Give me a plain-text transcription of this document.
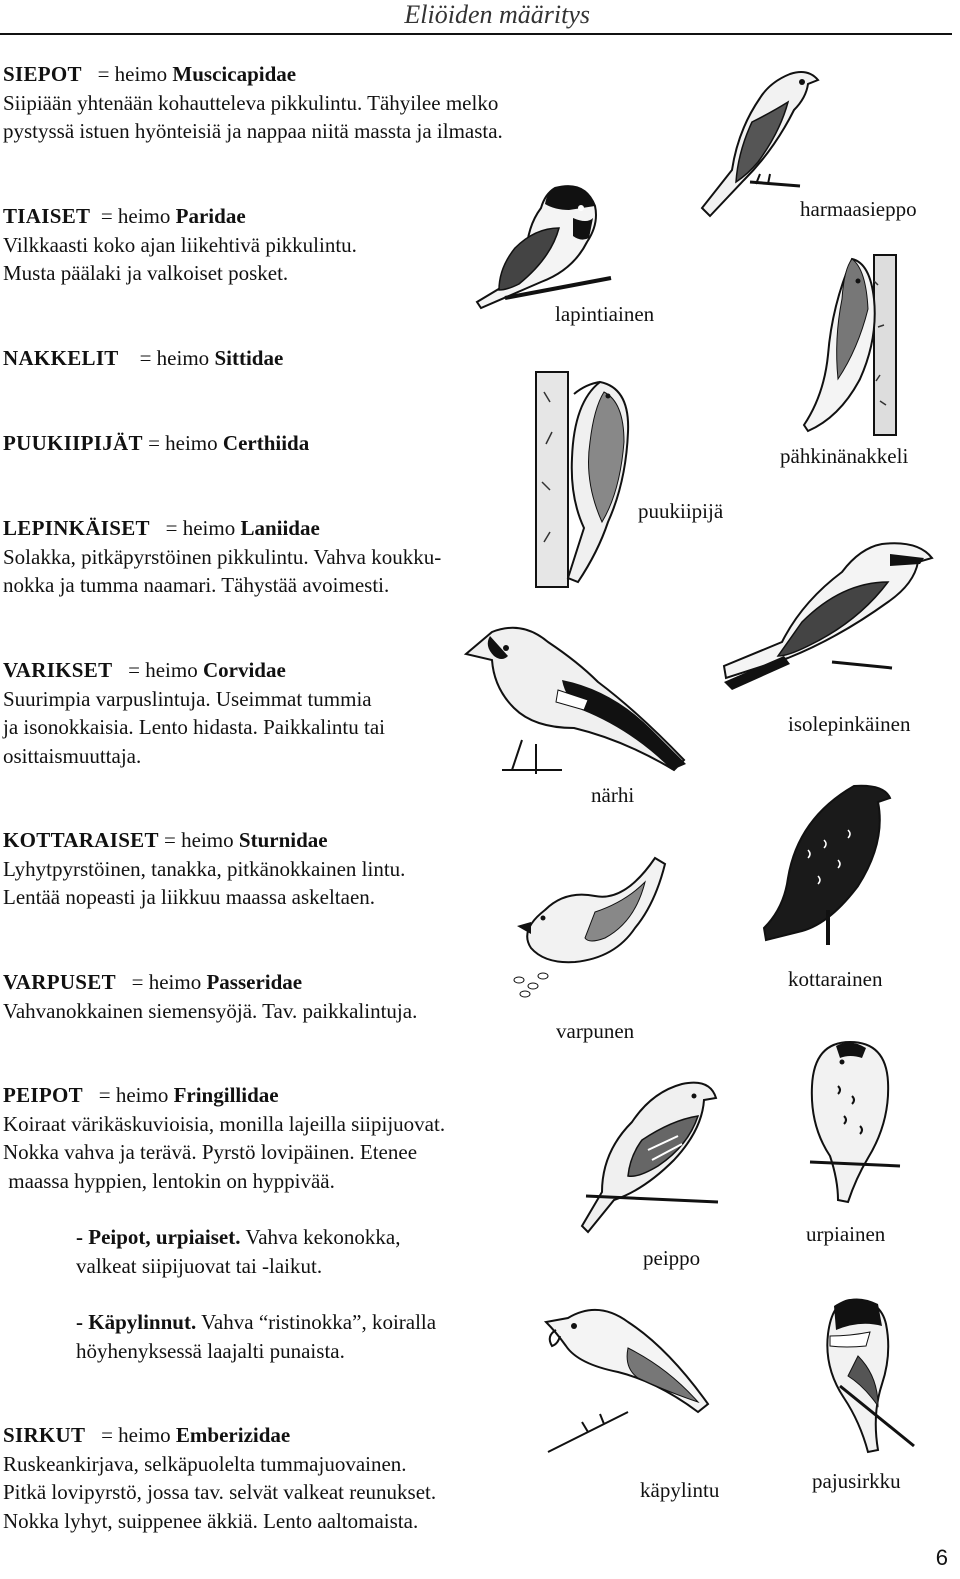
Eliöiden määritys

SIEPOT = heimo Muscicapidae

Siipiään yhtenään kohautteleva pikkulintu. Tähyilee melko

pystyssä istuen hyönteisiä ja nappaa niitä massta ja ilmasta.

TIAISET = heimo Paridae

Vilkkaasti koko ajan liikehtivä pikkulintu.

Musta päälaki ja valkoiset posket.

NAKKELIT = heimo Sittidae

PUUKIIPIJÄT = heimo Certhiida

LEPINKÄISET = heimo Laniidae

Solakka, pitkäpyrstöinen pikkulintu. Vahva koukku-

nokka ja tumma naamari. Tähystää avoimesti.

VARIKSET = heimo Corvidae

Suurimpia varpuslintuja. Useimmat tummia

ja isonokkaisia. Lento hidasta. Paikkalintu tai

osittaismuuttaja.

KOTTARAISET = heimo Sturnidae

Lyhytpyrstöinen, tanakka, pitkänokkainen lintu.

Lentää nopeasti ja liikkuu maassa askeltaen.

VARPUSET = heimo Passeridae

Vahvanokkainen siemensyöjä. Tav. paikkalintuja.

PEIPOT = heimo Fringillidae

Koiraat värikäskuvioisia, monilla lajeilla siipijuovat.

Nokka vahva ja terävä. Pyrstö lovipäinen. Etenee

maassa hyppien, lentokin on hyppivää.

- Peipot, urpiaiset. Vahva kekonokka,

valkeat siipijuovat tai -laikut.

- Käpylinnut. Vahva “ristinokka”, koiralla

höyhenyksessä laajalti punaista.

SIRKUT = heimo Emberizidae

Ruskeankirjava, selkäpuolelta tummajuovainen.

Pitkä lovipyrstö, jossa tav. selvät valkeat reunukset.

Nokka lyhyt, suippenee äkkiä. Lento aaltomaista.

harmaasieppo
lapintiainen
pähkinänakkeli
puukiipijä
isolepinkäinen
närhi
kottarainen
varpunen
peippo
urpiainen
käpylintu	pajusirkku
6
